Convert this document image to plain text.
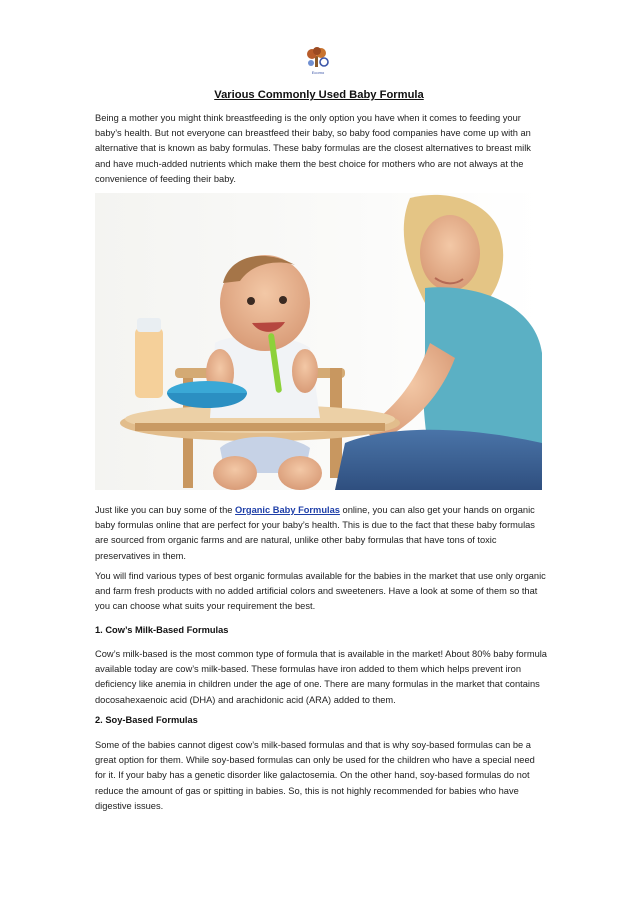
Ecomo
Various Commonly Used Baby Formula

Being a mother you might think breastfeeding is the only option you have when it comes to feeding your baby’s health. But not everyone can breastfeed their baby, so baby food companies have come up with an alternative that is known as baby formulas. These baby formulas are the closest alternatives to breast milk and have much-added nutrients which make them the best choice for mothers who are not always at the convenience of feeding their baby.

Just like you can buy some of the Organic Baby Formulas online, you can also get your hands on organic baby formulas online that are perfect for your baby’s health. This is due to the fact that these baby formulas are sourced from organic farms and are natural, unlike other baby formulas that have tons of toxic preservatives in them.

You will find various types of best organic formulas available for the babies in the market that use only organic and farm fresh products with no added artificial colors and sweeteners. Have a look at some of them so that you can choose what suits your requirement the best.

1. Cow’s Milk-Based Formulas

Cow’s milk-based is the most common type of formula that is available in the market! About 80% baby formula available today are cow’s milk-based. These formulas have iron added to them which helps prevent iron deficiency like anemia in children under the age of one. There are many formulas in the market that contains docosahexaenoic acid (DHA) and arachidonic acid (ARA) added to them.

2. Soy-Based Formulas

Some of the babies cannot digest cow’s milk-based formulas and that is why soy-based formulas can be a great option for them. While soy-based formulas can only be used for the children who have a special need for it. If your baby has a genetic disorder like galactosemia. On the other hand, soy-based formulas do not reduce the amount of gas or spitting in babies. So, this is not highly recommended for babies who have digestive issues.
